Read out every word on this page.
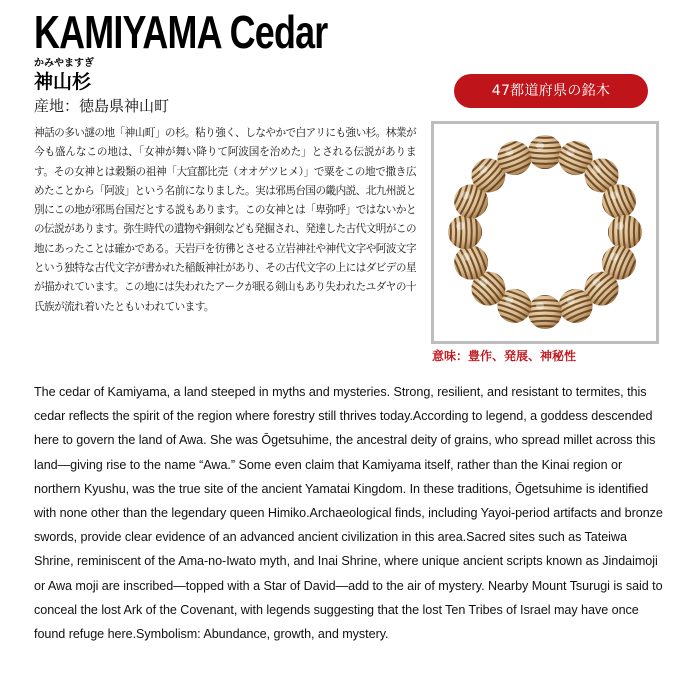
KAMIYAMA Cedar
かみやますぎ
神山杉
産地：徳島県神山町

神話の多い謎の地「神山町」の杉。粘り強く、しなやかで白アリにも強い杉。林業が今も盛んなこの地は、「女神が舞い降りて阿波国を治めた」とされる伝説があります。その女神とは穀類の祖神「大宜都比売（オオゲツヒメ）」で粟をこの地で撒き広めたことから「阿波」という名前になりました。実は邪馬台国の畿内説、北九州説と別にこの地が邪馬台国だとする説もあります。この女神とは「卑弥呼」ではないかとの伝説があります。弥生時代の遺物や銅剣なども発掘され、発達した古代文明がこの地にあったことは確かである。天岩戸を彷彿とさせる立岩神社や神代文字や阿波文字という独特な古代文字が書かれた稲飯神社があり、その古代文字の上にはダビデの星が描かれています。この地には失われたアークが眠る剣山もあり失われたユダヤの十氏族が流れ着いたともいわれています。

47都道府県の銘木
意味：豊作、発展、神秘性

The cedar of Kamiyama, a land steeped in myths and mysteries. Strong, resilient, and resistant to termites, this cedar reflects the spirit of the region where forestry still thrives today.According to legend, a goddess descended here to govern the land of Awa. She was Ōgetsuhime, the ancestral deity of grains, who spread millet across this land—giving rise to the name “Awa.” Some even claim that Kamiyama itself, rather than the Kinai region or northern Kyushu, was the true site of the ancient Yamatai Kingdom. In these traditions, Ōgetsuhime is identified with none other than the legendary queen Himiko.Archaeological finds, including Yayoi-period artifacts and bronze swords, provide clear evidence of an advanced ancient civilization in this area.Sacred sites such as Tateiwa Shrine, reminiscent of the Ama-no-Iwato myth, and Inai Shrine, where unique ancient scripts known as Jindaimoji or Awa moji are inscribed—topped with a Star of David—add to the air of mystery. Nearby Mount Tsurugi is said to conceal the lost Ark of the Covenant, with legends suggesting that the lost Ten Tribes of Israel may have once found refuge here.Symbolism: Abundance, growth, and mystery.
